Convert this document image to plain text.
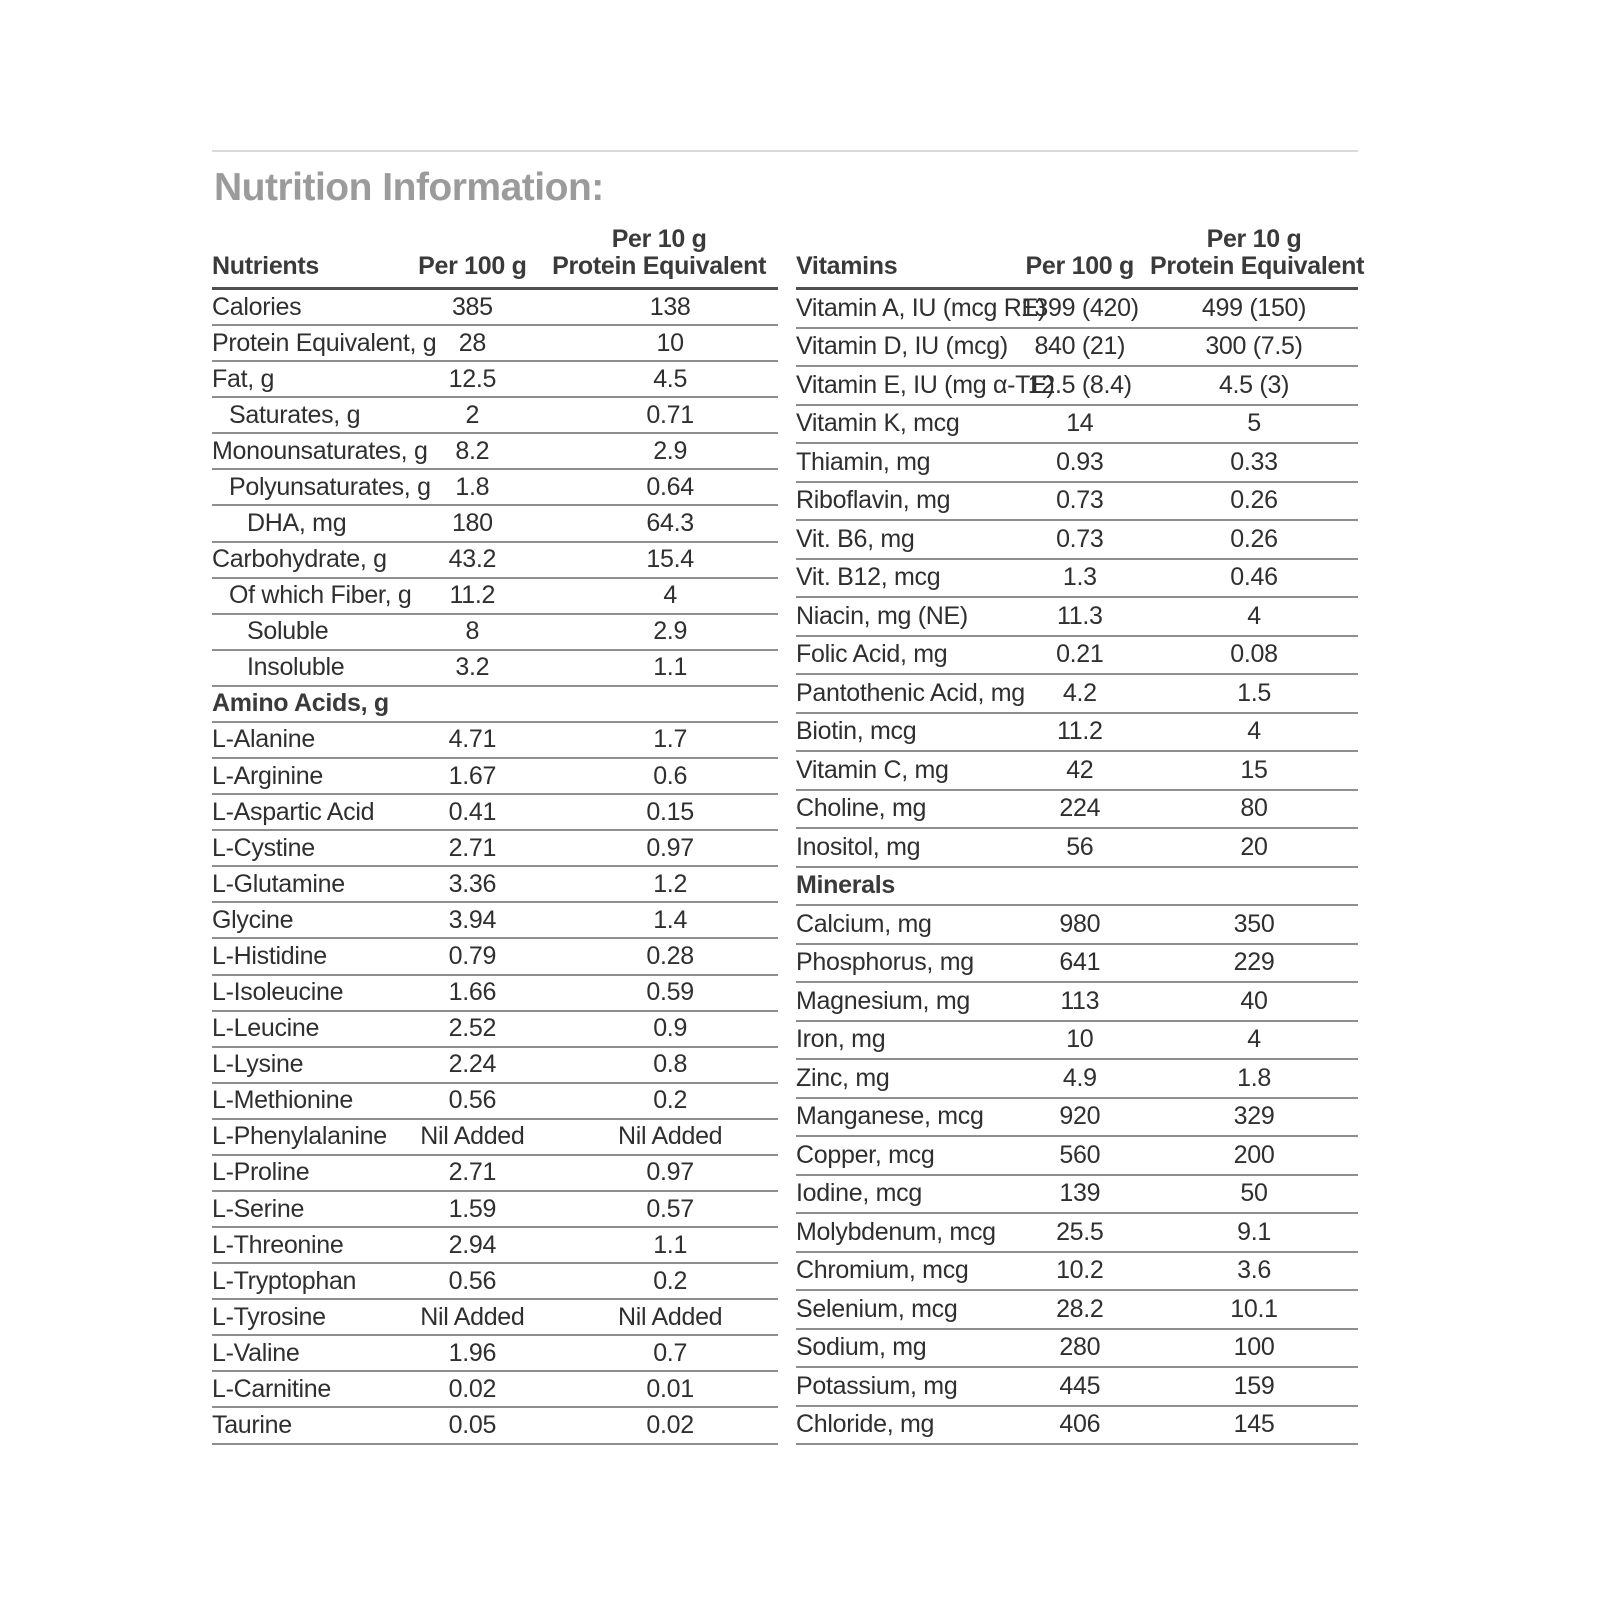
Nutrition Information:
Nutrients	Per 100 g	Per 10 g
Protein Equivalent

Calories	385	138
Protein Equivalent, g	28	10
Fat, g	12.5	4.5
Saturates, g	2	0.71
Monounsaturates, g	8.2	2.9
Polyunsaturates, g	1.8	0.64
DHA, mg	180	64.3
Carbohydrate, g	43.2	15.4
Of which Fiber, g	11.2	4
Soluble	8	2.9
Insoluble	3.2	1.1
Amino Acids, g		
L-Alanine	4.71	1.7
L-Arginine	1.67	0.6
L-Aspartic Acid	0.41	0.15
L-Cystine	2.71	0.97
L-Glutamine	3.36	1.2
Glycine	3.94	1.4
L-Histidine	0.79	0.28
L-Isoleucine	1.66	0.59
L-Leucine	2.52	0.9
L-Lysine	2.24	0.8
L-Methionine	0.56	0.2
L-Phenylalanine	Nil Added	Nil Added
L-Proline	2.71	0.97
L-Serine	1.59	0.57
L-Threonine	2.94	1.1
L-Tryptophan	0.56	0.2
L-Tyrosine	Nil Added	Nil Added
L-Valine	1.96	0.7
L-Carnitine	0.02	0.01
Taurine	0.05	0.02
Vitamins	Per 100 g	Per 10 g
Protein Equivalent

Vitamin A, IU (mcg RE)	1399 (420)	499 (150)
Vitamin D, IU (mcg)	840 (21)	300 (7.5)
Vitamin E, IU (mg α-TE)	12.5 (8.4)	4.5 (3)
Vitamin K, mcg	14	5
Thiamin, mg	0.93	0.33
Riboflavin, mg	0.73	0.26
Vit. B6, mg	0.73	0.26
Vit. B12, mcg	1.3	0.46
Niacin, mg (NE)	11.3	4
Folic Acid, mg	0.21	0.08
Pantothenic Acid, mg	4.2	1.5
Biotin, mcg	11.2	4
Vitamin C, mg	42	15
Choline, mg	224	80
Inositol, mg	56	20
Minerals		
Calcium, mg	980	350
Phosphorus, mg	641	229
Magnesium, mg	113	40
Iron, mg	10	4
Zinc, mg	4.9	1.8
Manganese, mcg	920	329
Copper, mcg	560	200
Iodine, mcg	139	50
Molybdenum, mcg	25.5	9.1
Chromium, mcg	10.2	3.6
Selenium, mcg	28.2	10.1
Sodium, mg	280	100
Potassium, mg	445	159
Chloride, mg	406	145
